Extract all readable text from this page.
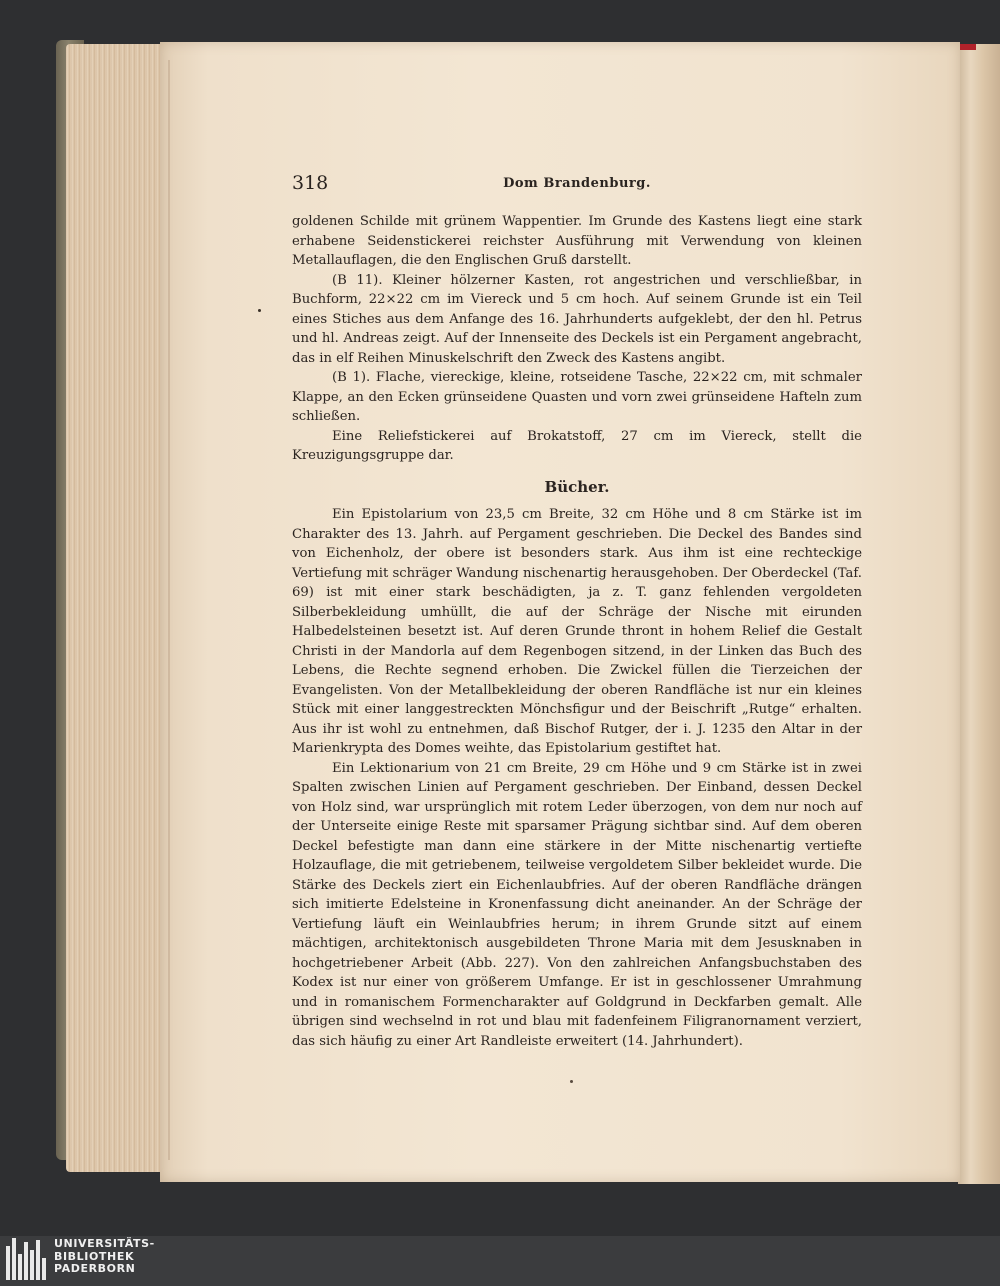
318	Dom Brandenburg.

goldenen Schilde mit grünem Wappentier. Im Grunde des Kastens liegt eine stark erhabene Seidenstickerei reichster Ausführung mit Verwendung von kleinen Metallauflagen, die den Englischen Gruß darstellt.

(B 11). Kleiner hölzerner Kasten, rot angestrichen und verschließbar, in Buchform, 22×22 cm im Viereck und 5 cm hoch. Auf seinem Grunde ist ein Teil eines Stiches aus dem Anfange des 16. Jahrhunderts aufgeklebt, der den hl. Petrus und hl. Andreas zeigt. Auf der Innenseite des Deckels ist ein Pergament angebracht, das in elf Reihen Minuskelschrift den Zweck des Kastens angibt.

(B 1). Flache, viereckige, kleine, rotseidene Tasche, 22×22 cm, mit schmaler Klappe, an den Ecken grünseidene Quasten und vorn zwei grünseidene Hafteln zum schließen.

Eine Reliefstickerei auf Brokatstoff, 27 cm im Viereck, stellt die Kreuzigungsgruppe dar.

Bücher.

Ein Epistolarium von 23,5 cm Breite, 32 cm Höhe und 8 cm Stärke ist im Charakter des 13. Jahrh. auf Pergament geschrieben. Die Deckel des Bandes sind von Eichenholz, der obere ist besonders stark. Aus ihm ist eine rechteckige Vertiefung mit schräger Wandung nischenartig herausgehoben. Der Oberdeckel (Taf. 69) ist mit einer stark beschädigten, ja z. T. ganz fehlenden vergoldeten Silberbekleidung umhüllt, die auf der Schräge der Nische mit eirunden Halbedelsteinen besetzt ist. Auf deren Grunde thront in hohem Relief die Gestalt Christi in der Mandorla auf dem Regenbogen sitzend, in der Linken das Buch des Lebens, die Rechte segnend erhoben. Die Zwickel füllen die Tierzeichen der Evangelisten. Von der Metallbekleidung der oberen Randfläche ist nur ein kleines Stück mit einer langgestreckten Mönchsfigur und der Beischrift „Rutge“ erhalten. Aus ihr ist wohl zu entnehmen, daß Bischof Rutger, der i. J. 1235 den Altar in der Marienkrypta des Domes weihte, das Epistolarium gestiftet hat.

Ein Lektionarium von 21 cm Breite, 29 cm Höhe und 9 cm Stärke ist in zwei Spalten zwischen Linien auf Pergament geschrieben. Der Einband, dessen Deckel von Holz sind, war ursprünglich mit rotem Leder überzogen, von dem nur noch auf der Unterseite einige Reste mit sparsamer Prägung sichtbar sind. Auf dem oberen Deckel befestigte man dann eine stärkere in der Mitte nischenartig vertiefte Holzauflage, die mit getriebenem, teilweise vergoldetem Silber bekleidet wurde. Die Stärke des Deckels ziert ein Eichenlaubfries. Auf der oberen Randfläche drängen sich imitierte Edelsteine in Kronenfassung dicht aneinander. An der Schräge der Vertiefung läuft ein Weinlaubfries herum; in ihrem Grunde sitzt auf einem mächtigen, architektonisch ausgebildeten Throne Maria mit dem Jesusknaben in hochgetriebener Arbeit (Abb. 227). Von den zahlreichen Anfangsbuchstaben des Kodex ist nur einer von größerem Umfange. Er ist in geschlossener Umrahmung und in romanischem Formencharakter auf Goldgrund in Deckfarben gemalt. Alle übrigen sind wechselnd in rot und blau mit fadenfeinem Filigranornament verziert, das sich häufig zu einer Art Randleiste erweitert (14. Jahrhundert).

UNIVERSITÄTS-
BIBLIOTHEK
PADERBORN
